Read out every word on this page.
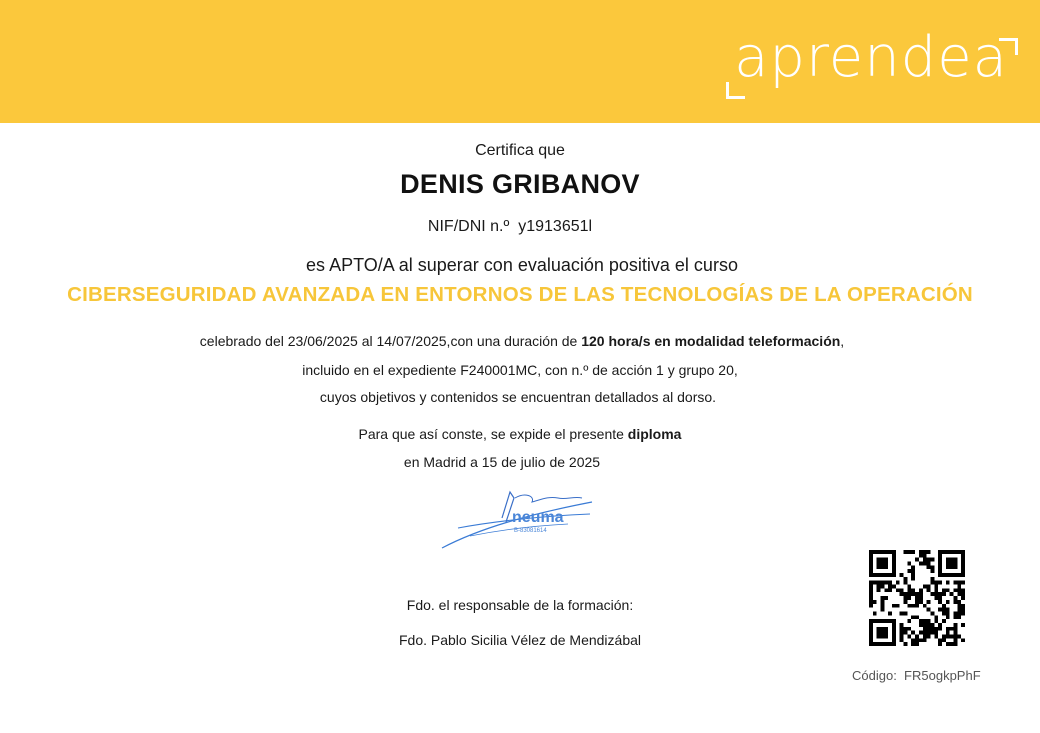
aprendea
Certifica que
DENIS GRIBANOV
NIF/DNI n.º y1913651l
es APTO/A al superar con evaluación positiva el curso
CIBERSEGURIDAD AVANZADA EN ENTORNOS DE LAS TECNOLOGÍAS DE LA OPERACIÓN
celebrado del 23/06/2025 al 14/07/2025,con una duración de 120 hora/s en modalidad teleformación,
incluido en el expediente F240001MC, con n.º de acción 1 y grupo 20,
cuyos objetivos y contenidos se encuentran detallados al dorso.
Para que así conste, se expide el presente diploma
en Madrid a 15 de julio de 2025
neuma
B-83081614
Fdo. el responsable de la formación:
Fdo. Pablo Sicilia Vélez de Mendizábal
Código: FR5ogkpPhF
